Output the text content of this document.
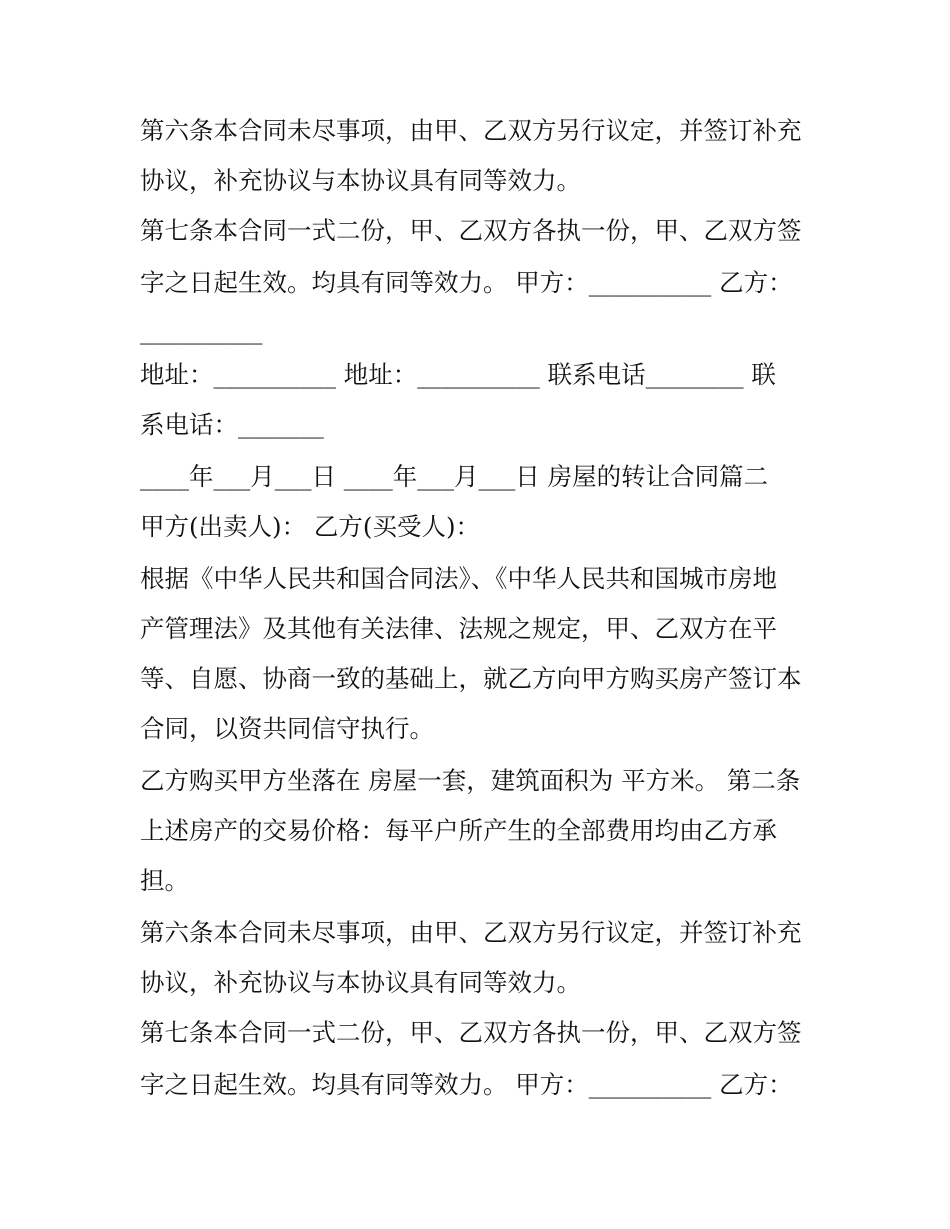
第六条本合同未尽事项，由甲、乙双方另行议定，并签订补充
协议，补充协议与本协议具有同等效力。
第七条本合同一式二份，甲、乙双方各执一份，甲、乙双方签
字之日起生效。均具有同等效力。 甲方：__________ 乙方：
__________
地址：__________ 地址：__________ 联系电话________ 联
系电话：_______
____年___月___日 ____年___月___日 房屋的转让合同篇二
甲方(出卖人)： 乙方(买受人)：
根据《中华人民共和国合同法》、《中华人民共和国城市房地
产管理法》及其他有关法律、法规之规定，甲、乙双方在平
等、自愿、协商一致的基础上，就乙方向甲方购买房产签订本
合同，以资共同信守执行。
乙方购买甲方坐落在 房屋一套，建筑面积为 平方米。 第二条
上述房产的交易价格：每平户所产生的全部费用均由乙方承
担。
第六条本合同未尽事项，由甲、乙双方另行议定，并签订补充
协议，补充协议与本协议具有同等效力。
第七条本合同一式二份，甲、乙双方各执一份，甲、乙双方签
字之日起生效。均具有同等效力。 甲方：__________ 乙方：
